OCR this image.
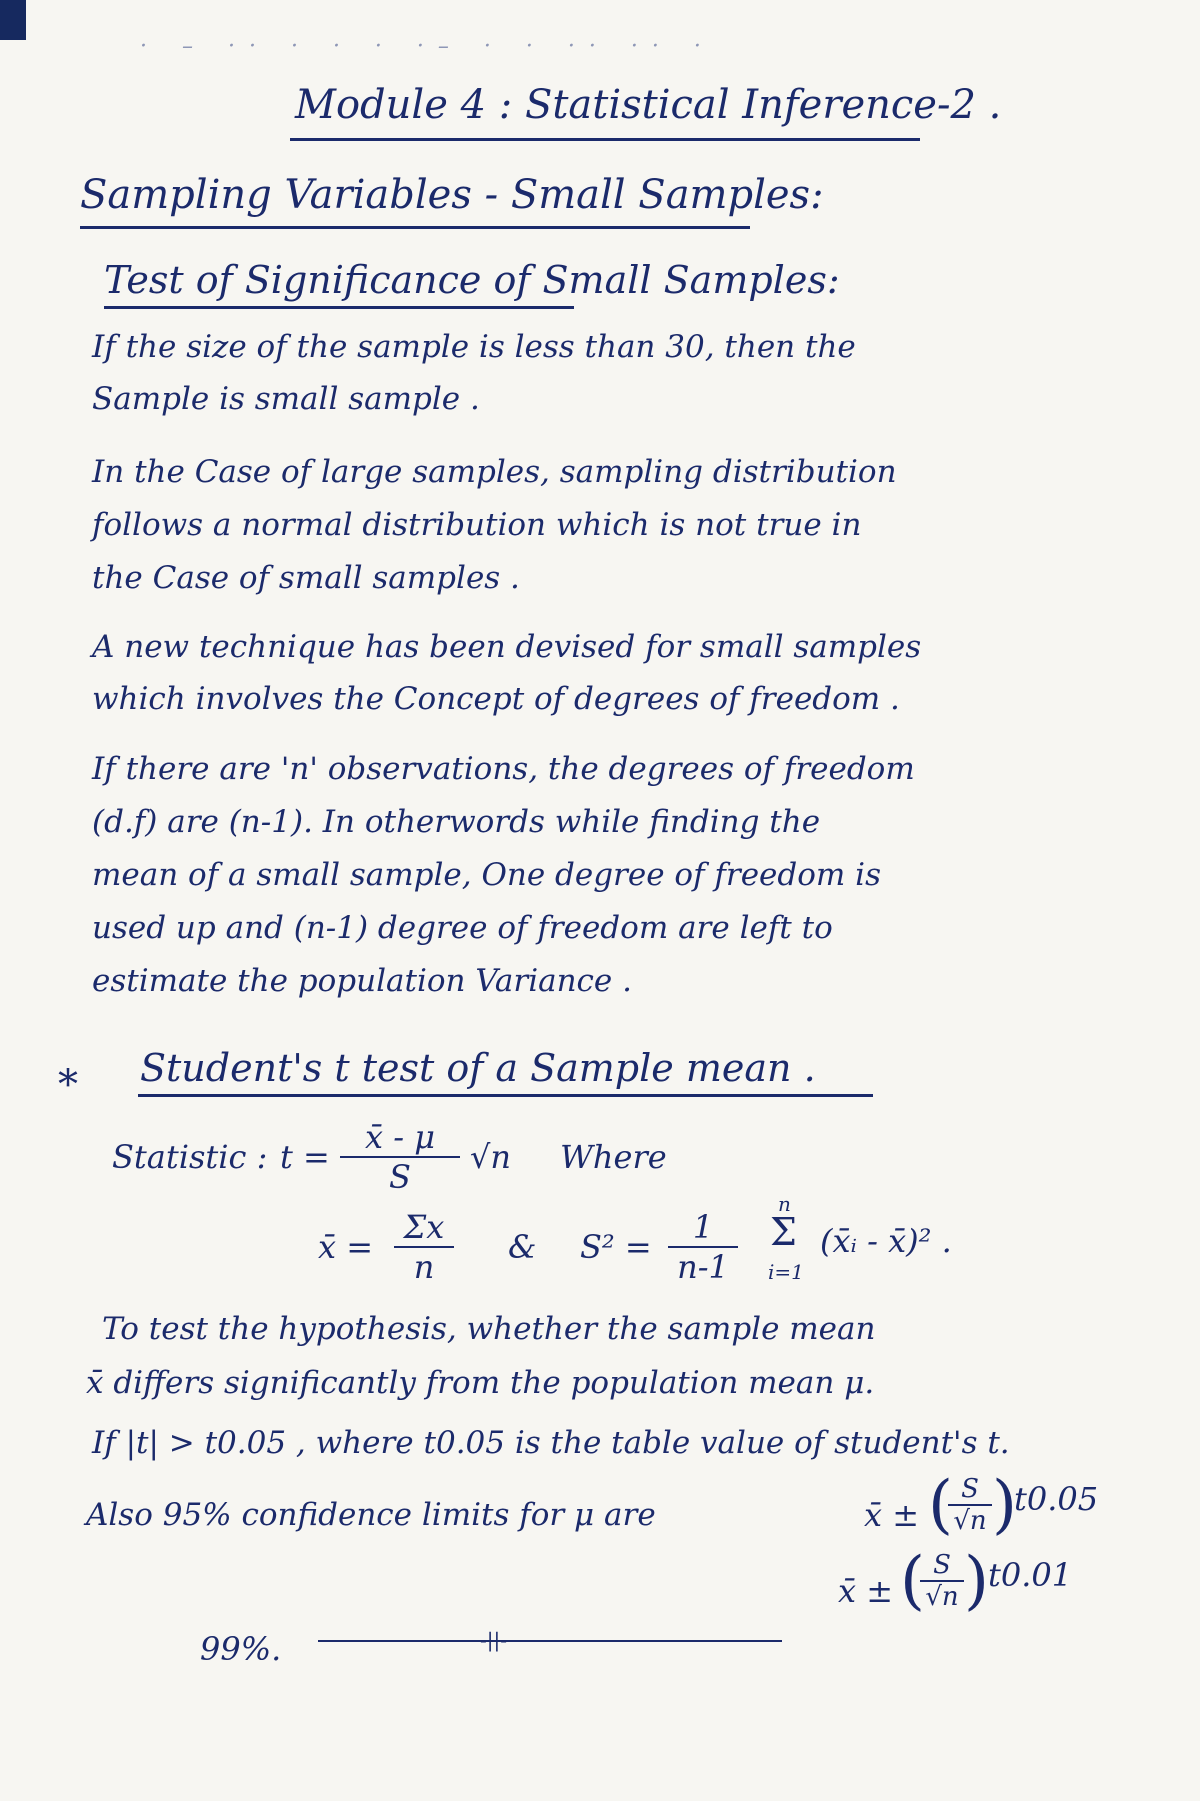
· – ·· · · · ·– · · ·· ·· ·
Module 4 : Statistical Inference-2 .
Sampling Variables - Small Samples:
Test of Significance of Small Samples:
If the size of the sample is less than 30, then the
Sample is small sample .
In the Case of large samples, sampling distribution
follows a normal distribution which is not true in
the Case of small samples .
A new technique has been devised for small samples
which involves the Concept of degrees of freedom .
If there are 'n' observations, the degrees of freedom
(d.f) are (n-1). In otherwords while finding the
mean of a small sample, One degree of freedom is
used up and (n-1) degree of freedom are left to
estimate the population Variance .
* Student's t test of a Sample mean .
Statistic : $t = \frac{x̄ - \mu}{S} √n$ Where
x̄ = $\frac{\Sigma x}{n}$ & $S^2 = \frac{1}{n-1}$
n
Σ
i=1
(x̄ᵢ - x̄)² .
To test the hypothesis, whether the sample mean
x̄ differs significantly from the population mean μ.
If |t| > t0.05 , where t0.05 is the table value of student's t.
Also 95% confidence limits for μ are	x̄ ± (
$\frac{S}{√n}$ )
t0.05
99%.	-||-
x̄ ± (
$\frac{S}{√n}$ ) t0.01
